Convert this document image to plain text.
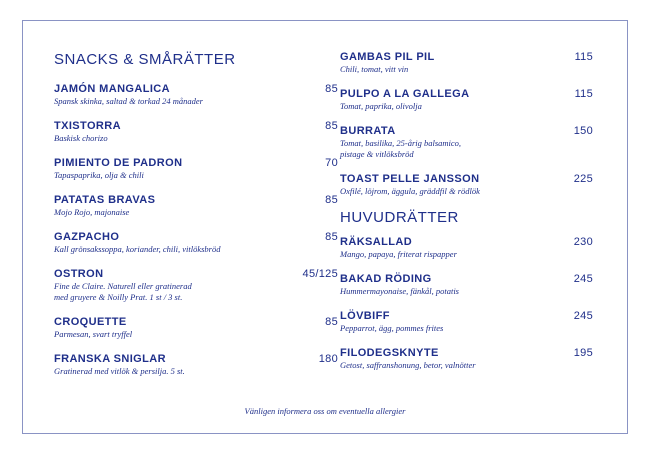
SNACKS & SMÅRÄTTER
JAMÓN MANGALICA	85
Spansk skinka, saltad & torkad 24 månader
TXISTORRA	85
Baskisk chorizo
PIMIENTO DE PADRON	70
Tapaspaprika, olja & chili
PATATAS BRAVAS	85
Mojo Rojo, majonaise
GAZPACHO	85
Kall grönsakssoppa, koriander, chili, vitlöksbröd
OSTRON	45/125
Fine de Claire. Naturell eller gratinerad
med gruyere & Noilly Prat. 1 st / 3 st.
CROQUETTE	85
Parmesan, svart tryffel
FRANSKA SNIGLAR	180
Gratinerad med vitlök & persilja. 5 st.
GAMBAS PIL PIL	115
Chili, tomat, vitt vin
PULPO A LA GALLEGA	115
Tomat, paprika, olivolja
BURRATA	150
Tomat, basilika, 25-årig balsamico,
pistage & vitlöksbröd
TOAST PELLE JANSSON	225
Oxfilé, löjrom, äggula, gräddfil & rödlök
HUVUDRÄTTER
RÄKSALLAD	230
Mango, papaya, friterat rispapper
BAKAD RÖDING	245
Hummermayonaise, fänkål, potatis
LÖVBIFF	245
Pepparrot, ägg, pommes frites
FILODEGSKNYTE	195
Getost, saffranshonung, betor, valnötter
Vänligen informera oss om eventuella allergier
